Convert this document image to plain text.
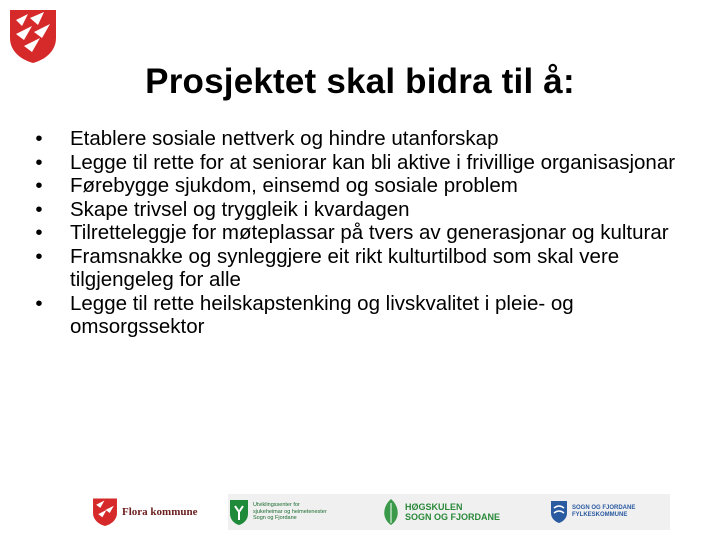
Prosjektet skal bidra til å:
• Etablere sosiale nettverk og hindre utanforskap
• Legge til rette for at seniorar kan bli aktive i frivillige organisasjonar
• Førebygge sjukdom, einsemd og sosiale problem
• Skape trivsel og tryggleik i kvardagen
• Tilretteleggje for møteplassar på tvers av generasjonar og kulturar
• Framsnakke og synleggjere eit rikt kulturtilbod som skal vere tilgjengeleg for alle
• Legge til rette heilskapstenking og livskvalitet i pleie- og omsorgssektor
Flora kommune
Utviklingssenter for
sjukeheimar og heimetenester
Sogn og Fjordane
HØGSKULEN
SOGN OG FJORDANE
SOGN OG FJORDANE
FYLKESKOMMUNE
